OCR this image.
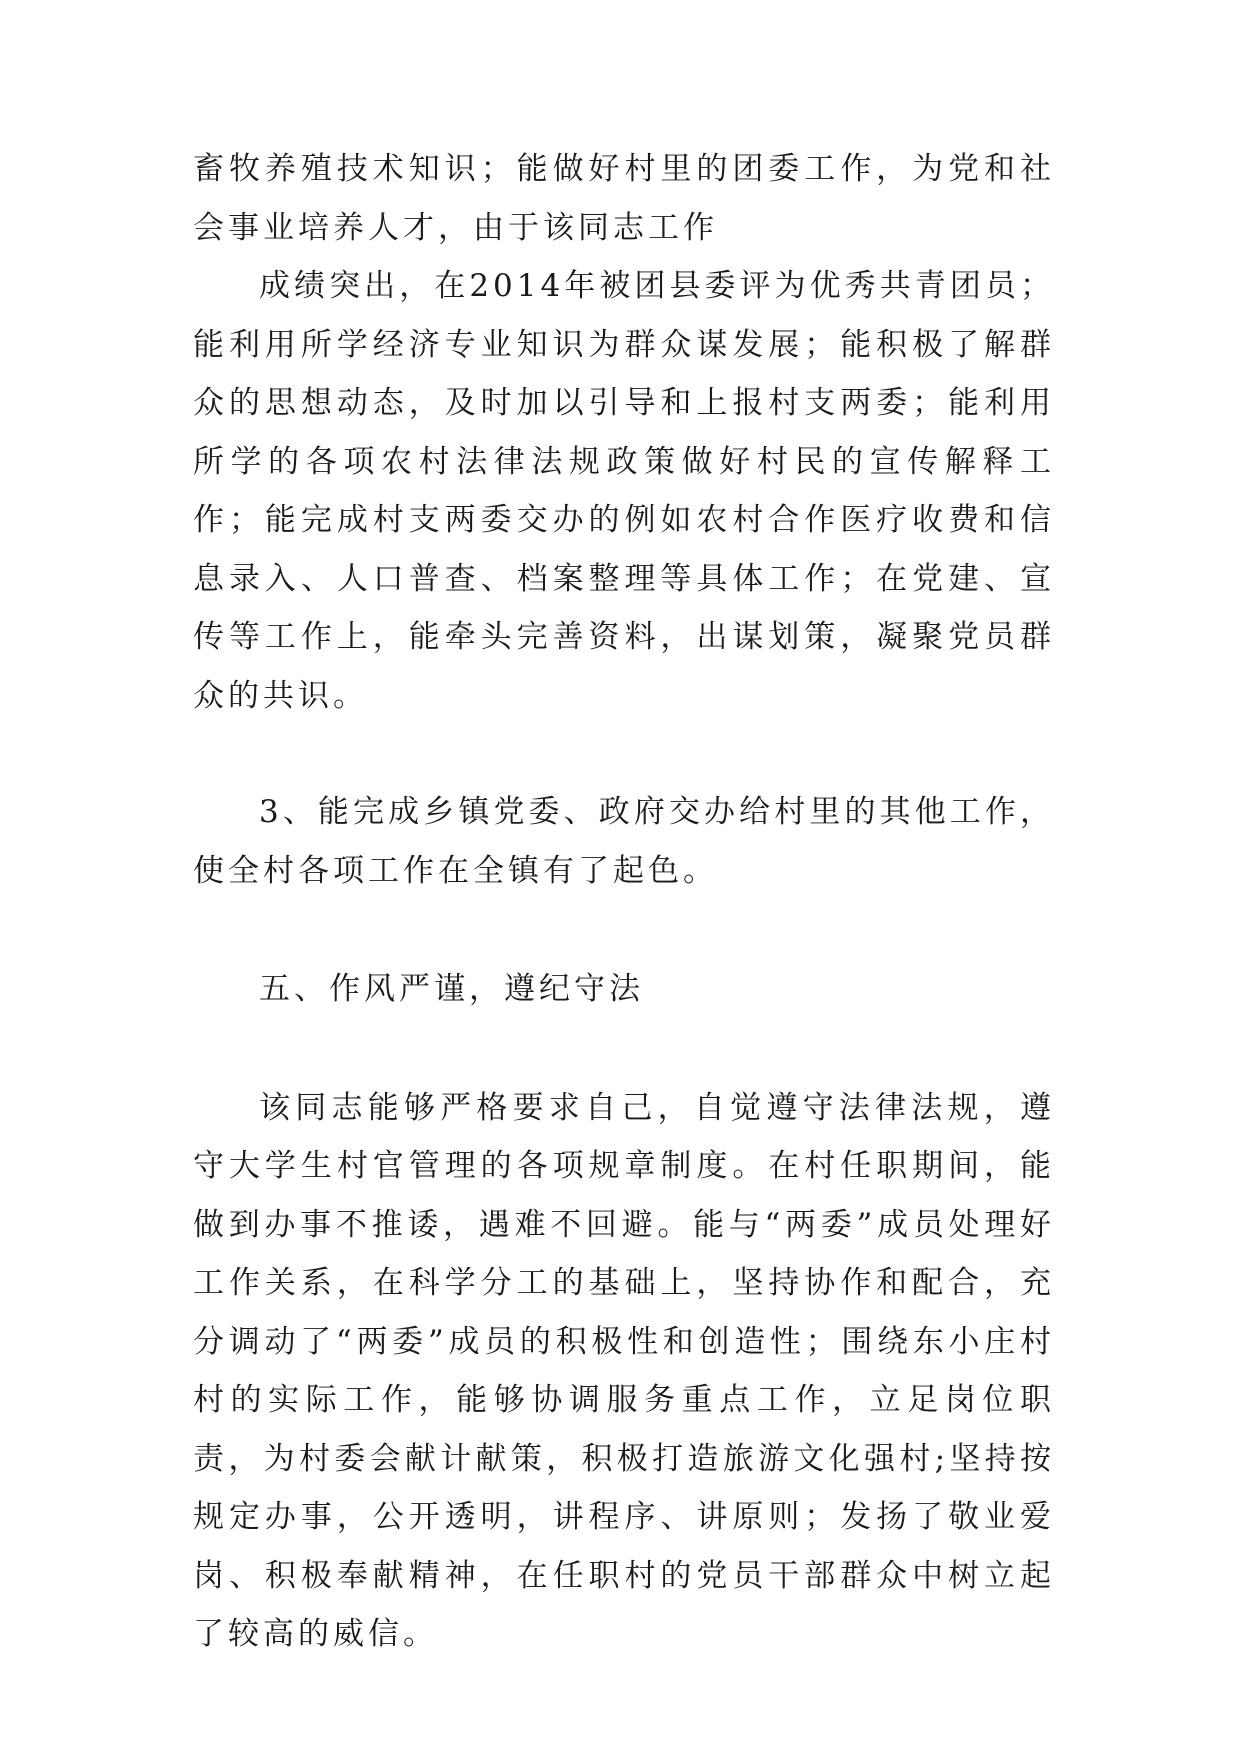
畜牧养殖技术知识；能做好村里的团委工作，为党和社会事业培养人才，由于该同志工作

成绩突出，在2014年被团县委评为优秀共青团员；能利用所学经济专业知识为群众谋发展；能积极了解群众的思想动态，及时加以引导和上报村支两委；能利用所学的各项农村法律法规政策做好村民的宣传解释工作；能完成村支两委交办的例如农村合作医疗收费和信息录入、人口普查、档案整理等具体工作；在党建、宣传等工作上，能牵头完善资料，出谋划策，凝聚党员群众的共识。

3、能完成乡镇党委、政府交办给村里的其他工作，使全村各项工作在全镇有了起色。

五、作风严谨，遵纪守法

该同志能够严格要求自己，自觉遵守法律法规，遵守大学生村官管理的各项规章制度。在村任职期间，能做到办事不推诿，遇难不回避。能与“两委”成员处理好工作关系，在科学分工的基础上，坚持协作和配合，充分调动了“两委”成员的积极性和创造性；围绕东小庄村村的实际工作，能够协调服务重点工作，立足岗位职责，为村委会献计献策，积极打造旅游文化强村;坚持按规定办事，公开透明，讲程序、讲原则；发扬了敬业爱岗、积极奉献精神，在任职村的党员干部群众中树立起了较高的威信。
